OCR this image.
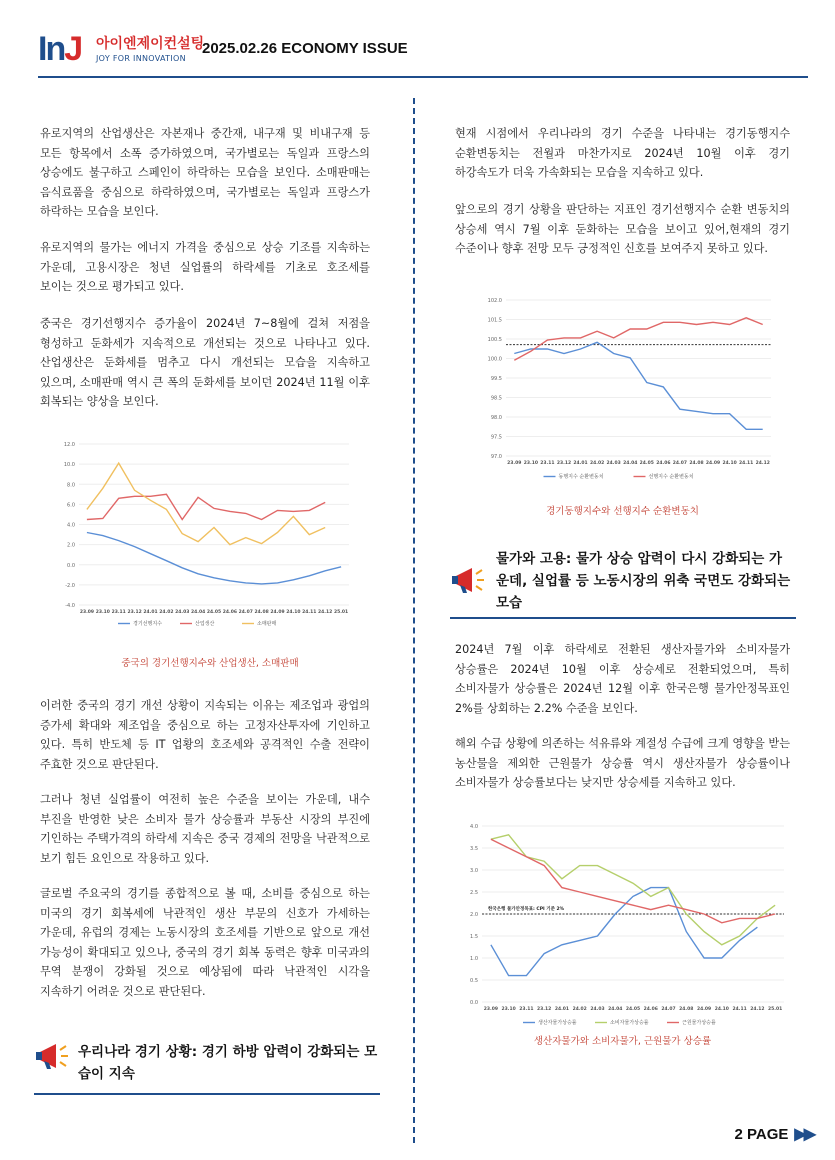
InJ 아이엔제이컨설팅
JOY FOR INNOVATION
2025.02.26 ECONOMY ISSUE

유로지역의 산업생산은 자본재나 중간재, 내구재 및 비내구재 등 모든 항목에서 소폭 증가하였으며, 국가별로는 독일과 프랑스의 상승에도 불구하고 스페인이 하락하는 모습을 보인다. 소매판매는 음식료품을 중심으로 하락하였으며, 국가별로는 독일과 프랑스가 하락하는 모습을 보인다.

유로지역의 물가는 에너지 가격을 중심으로 상승 기조를 지속하는 가운데, 고용시장은 청년 실업률의 하락세를 기초로 호조세를 보이는 것으로 평가되고 있다.

중국은 경기선행지수 증가율이 2024년 7~8월에 걸쳐 저점을 형성하고 둔화세가 지속적으로 개선되는 것으로 나타나고 있다. 산업생산은 둔화세를 멈추고 다시 개선되는 모습을 지속하고 있으며, 소매판매 역시 큰 폭의 둔화세를 보이던 2024년 11월 이후 회복되는 양상을 보인다.

12.0
10.0
8.0
6.0
4.0
2.0
0.0
-2.0
-4.0
23.09 23.10 23.11 23.12 24.01 24.02 24.03 24.04 24.05 24.06 24.07 24.08 24.09 24.10 24.11 24.12 25.01
경기선행지수	산업생산	소매판매
중국의 경기선행지수와 산업생산, 소매판매

이러한 중국의 경기 개선 상황이 지속되는 이유는 제조업과 광업의 증가세 확대와 제조업을 중심으로 하는 고정자산투자에 기인하고 있다. 특히 반도체 등 IT 업황의 호조세와 공격적인 수출 전략이 주효한 것으로 판단된다.

그러나 청년 실업률이 여전히 높은 수준을 보이는 가운데, 내수 부진을 반영한 낮은 소비자 물가 상승률과 부동산 시장의 부진에 기인하는 주택가격의 하락세 지속은 중국 경제의 전망을 낙관적으로 보기 힘든 요인으로 작용하고 있다.

글로벌 주요국의 경기를 종합적으로 볼 때, 소비를 중심으로 하는 미국의 경기 회복세에 낙관적인 생산 부문의 신호가 가세하는 가운데, 유럽의 경제는 노동시장의 호조세를 기반으로 앞으로 개선 가능성이 확대되고 있으나, 중국의 경기 회복 동력은 향후 미국과의 무역 분쟁이 강화될 것으로 예상됨에 따라 낙관적인 시각을 지속하기 어려운 것으로 판단된다.

우리나라 경기 상황: 경기 하방 압력이 강화되는 모습이 지속

현재 시점에서 우리나라의 경기 수준을 나타내는 경기동행지수 순환변동치는 전월과 마찬가지로 2024년 10월 이후 경기 하강속도가 더욱 가속화되는 모습을 지속하고 있다.

앞으로의 경기 상황을 판단하는 지표인 경기선행지수 순환 변동치의 상승세 역시 7월 이후 둔화하는 모습을 보이고 있어,현재의 경기 수준이나 향후 전망 모두 긍정적인 신호를 보여주지 못하고 있다.

102.0
101.5
100.5
100.0
99.5
98.5
98.0
97.5
97.0
23.09 23.10 23.11 23.12 24.01 24.02 24.03 24.04 24.05 24.06 24.07 24.08 24.09 24.10 24.11 24.12
동행지수 순환변동치	선행지수 순환변동치
경기동행지수와 선행지수 순환변동치
물가와 고용: 물가 상승 압력이 다시 강화되는 가운데, 실업률 등 노동시장의 위축 국면도 강화되는 모습

2024년 7월 이후 하락세로 전환된 생산자물가와 소비자물가 상승률은 2024년 10월 이후 상승세로 전환되었으며, 특히 소비자물가 상승률은 2024년 12월 이후 한국은행 물가안정목표인 2%를 상회하는 2.2% 수준을 보인다.

해외 수급 상황에 의존하는 석유류와 계절성 수급에 크게 영향을 받는 농산물을 제외한 근원물가 상승률 역시 생산자물가 상승률이나 소비자물가 상승률보다는 낮지만 상승세를 지속하고 있다.

4.0
3.5
3.0
2.5
2.0
1.5
1.0
0.5
0.0
한국은행 물가안정목표: CPI 기준 2%
23.09 23.10 23.11 23.12 24.01 24.02 24.03 24.04 24.05 24.06 24.07 24.08 24.09 24.10 24.11 24.12 25.01
생산자물가상승률	소비자물가상승률	근원물가상승률
생산자물가와 소비자물가, 근원물가 상승률
2 PAGE ▶▶
